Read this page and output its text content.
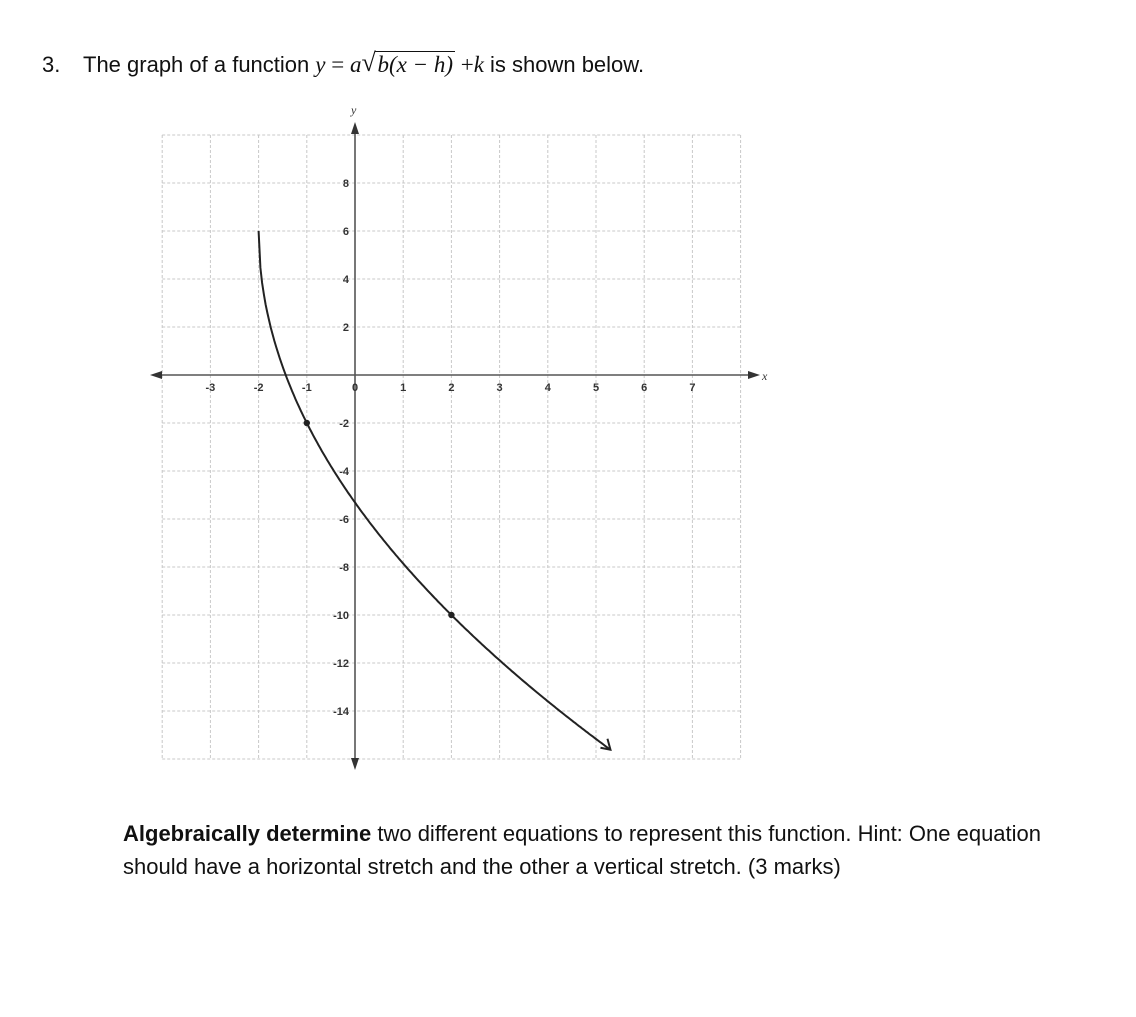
3.	The graph of a function y = a √ b(x − h) +k is shown below.
x
y
-3	-2	-1	0	1	2	3	4	5	6	7
8
6
4
2
-2
-4
-6
-8
-10
-12
-14
Algebraically determine two different equations to represent this function. Hint: One equation should have a horizontal stretch and the other a vertical stretch. (3 marks)
